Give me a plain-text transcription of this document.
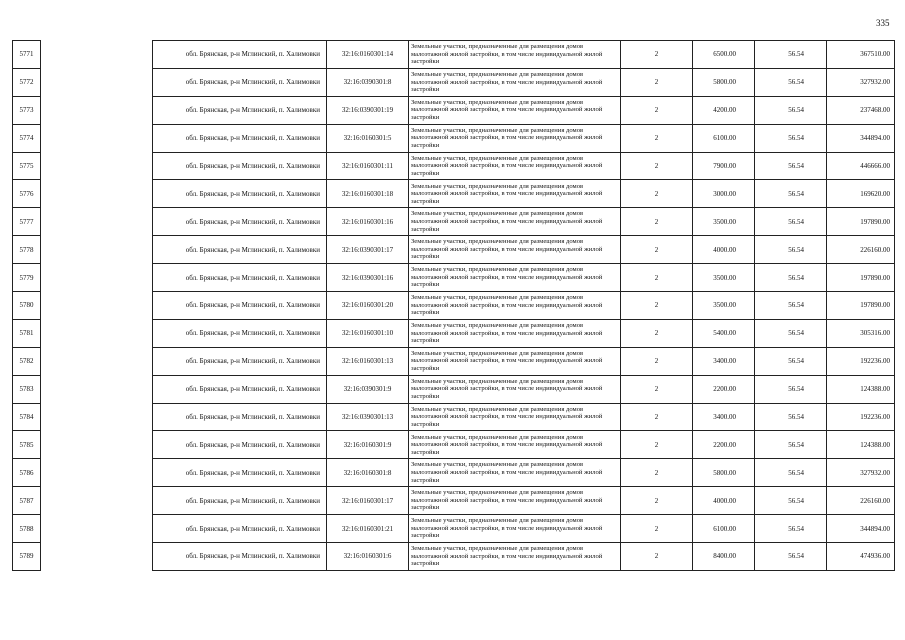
335
5771		обл. Брянская, р-н Мглинский, п. Халимовки	32:16:0160301:14	Земельные участки, предназначенные для размещения домов малоэтажной жилой застройки, в том числе индивидуальной жилой застройки	2	6500.00	56.54	367510.00
5772		обл. Брянская, р-н Мглинский, п. Халимовки	32:16:0390301:8	Земельные участки, предназначенные для размещения домов малоэтажной жилой застройки, в том числе индивидуальной жилой застройки	2	5800.00	56.54	327932.00
5773		обл. Брянская, р-н Мглинский, п. Халимовки	32:16:0390301:19	Земельные участки, предназначенные для размещения домов малоэтажной жилой застройки, в том числе индивидуальной жилой застройки	2	4200.00	56.54	237468.00
5774		обл. Брянская, р-н Мглинский, п. Халимовки	32:16:0160301:5	Земельные участки, предназначенные для размещения домов малоэтажной жилой застройки, в том числе индивидуальной жилой застройки	2	6100.00	56.54	344894.00
5775		обл. Брянская, р-н Мглинский, п. Халимовки	32:16:0160301:11	Земельные участки, предназначенные для размещения домов малоэтажной жилой застройки, в том числе индивидуальной жилой застройки	2	7900.00	56.54	446666.00
5776		обл. Брянская, р-н Мглинский, п. Халимовки	32:16:0160301:18	Земельные участки, предназначенные для размещения домов малоэтажной жилой застройки, в том числе индивидуальной жилой застройки	2	3000.00	56.54	169620.00
5777		обл. Брянская, р-н Мглинский, п. Халимовки	32:16:0160301:16	Земельные участки, предназначенные для размещения домов малоэтажной жилой застройки, в том числе индивидуальной жилой застройки	2	3500.00	56.54	197890.00
5778		обл. Брянская, р-н Мглинский, п. Халимовки	32:16:0390301:17	Земельные участки, предназначенные для размещения домов малоэтажной жилой застройки, в том числе индивидуальной жилой застройки	2	4000.00	56.54	226160.00
5779		обл. Брянская, р-н Мглинский, п. Халимовки	32:16:0390301:16	Земельные участки, предназначенные для размещения домов малоэтажной жилой застройки, в том числе индивидуальной жилой застройки	2	3500.00	56.54	197890.00
5780		обл. Брянская, р-н Мглинский, п. Халимовки	32:16:0160301:20	Земельные участки, предназначенные для размещения домов малоэтажной жилой застройки, в том числе индивидуальной жилой застройки	2	3500.00	56.54	197890.00
5781		обл. Брянская, р-н Мглинский, п. Халимовки	32:16:0160301:10	Земельные участки, предназначенные для размещения домов малоэтажной жилой застройки, в том числе индивидуальной жилой застройки	2	5400.00	56.54	305316.00
5782		обл. Брянская, р-н Мглинский, п. Халимовки	32:16:0160301:13	Земельные участки, предназначенные для размещения домов малоэтажной жилой застройки, в том числе индивидуальной жилой застройки	2	3400.00	56.54	192236.00
5783		обл. Брянская, р-н Мглинский, п. Халимовки	32:16:0390301:9	Земельные участки, предназначенные для размещения домов малоэтажной жилой застройки, в том числе индивидуальной жилой застройки	2	2200.00	56.54	124388.00
5784		обл. Брянская, р-н Мглинский, п. Халимовки	32:16:0390301:13	Земельные участки, предназначенные для размещения домов малоэтажной жилой застройки, в том числе индивидуальной жилой застройки	2	3400.00	56.54	192236.00
5785		обл. Брянская, р-н Мглинский, п. Халимовки	32:16:0160301:9	Земельные участки, предназначенные для размещения домов малоэтажной жилой застройки, в том числе индивидуальной жилой застройки	2	2200.00	56.54	124388.00
5786		обл. Брянская, р-н Мглинский, п. Халимовки	32:16:0160301:8	Земельные участки, предназначенные для размещения домов малоэтажной жилой застройки, в том числе индивидуальной жилой застройки	2	5800.00	56.54	327932.00
5787		обл. Брянская, р-н Мглинский, п. Халимовки	32:16:0160301:17	Земельные участки, предназначенные для размещения домов малоэтажной жилой застройки, в том числе индивидуальной жилой застройки	2	4000.00	56.54	226160.00
5788		обл. Брянская, р-н Мглинский, п. Халимовки	32:16:0160301:21	Земельные участки, предназначенные для размещения домов малоэтажной жилой застройки, в том числе индивидуальной жилой застройки	2	6100.00	56.54	344894.00
5789		обл. Брянская, р-н Мглинский, п. Халимовки	32:16:0160301:6	Земельные участки, предназначенные для размещения домов малоэтажной жилой застройки, в том числе индивидуальной жилой застройки	2	8400.00	56.54	474936.00
